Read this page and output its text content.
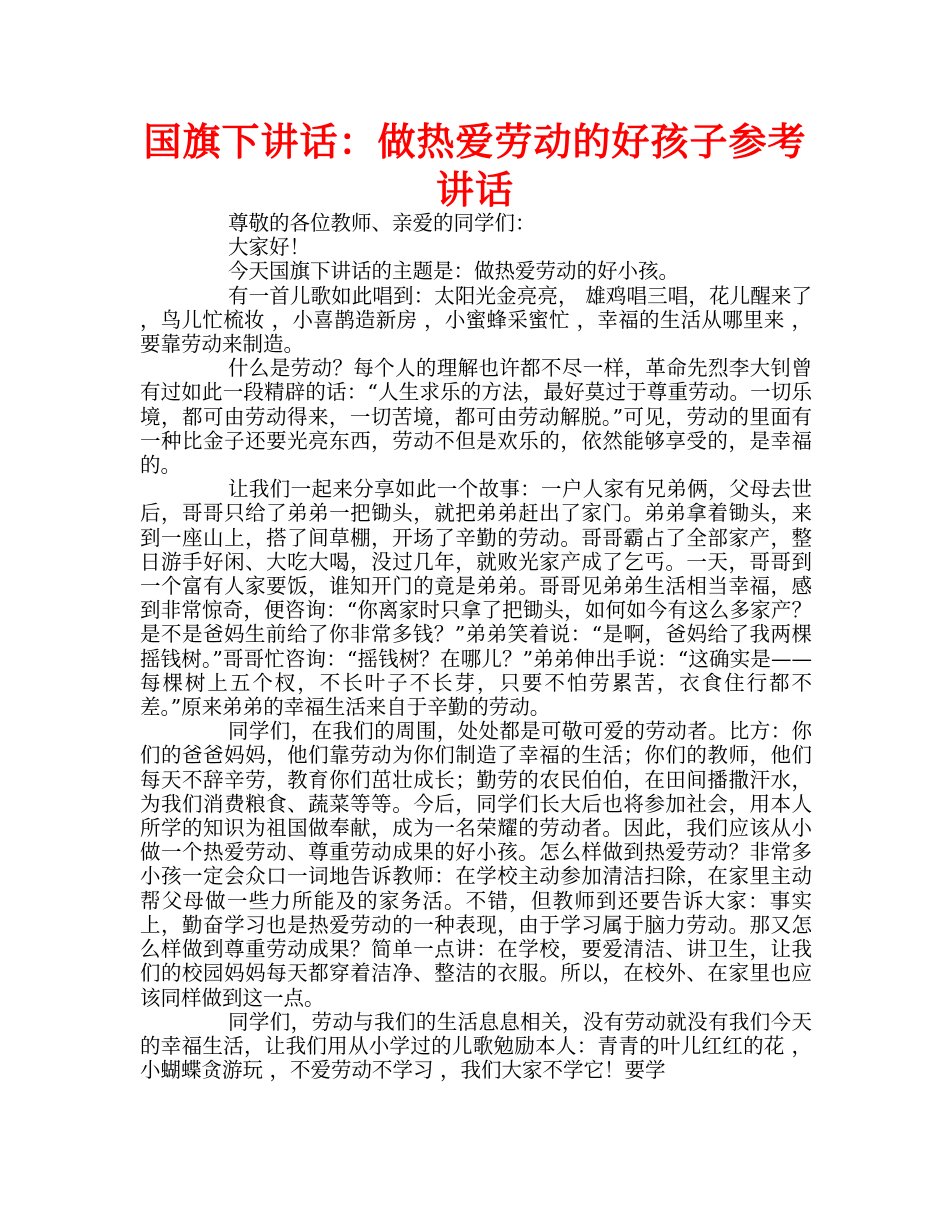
国旗下讲话：做热爱劳动的好孩子参考讲话

尊敬的各位教师、亲爱的同学们：

大家好！

今天国旗下讲话的主题是：做热爱劳动的好小孩。

有一首儿歌如此唱到：太阳光金亮亮， 雄鸡唱三唱，花儿醒来了 ，鸟儿忙梳妆 ，小喜鹊造新房 ，小蜜蜂采蜜忙 ，幸福的生活从哪里来 ，要靠劳动来制造。

什么是劳动？每个人的理解也许都不尽一样，革命先烈李大钊曾有过如此一段精辟的话：“人生求乐的方法，最好莫过于尊重劳动。一切乐境，都可由劳动得来，一切苦境，都可由劳动解脱。”可见，劳动的里面有一种比金子还要光亮东西，劳动不但是欢乐的，依然能够享受的，是幸福的。

让我们一起来分享如此一个故事：一户人家有兄弟俩，父母去世后，哥哥只给了弟弟一把锄头，就把弟弟赶出了家门。弟弟拿着锄头，来到一座山上，搭了间草棚，开场了辛勤的劳动。哥哥霸占了全部家产，整日游手好闲、大吃大喝，没过几年，就败光家产成了乞丐。一天，哥哥到一个富有人家要饭，谁知开门的竟是弟弟。哥哥见弟弟生活相当幸福，感到非常惊奇，便咨询：“你离家时只拿了把锄头，如何如今有这么多家产？是不是爸妈生前给了你非常多钱？”弟弟笑着说：“是啊，爸妈给了我两棵摇钱树。”哥哥忙咨询：“摇钱树？在哪儿？”弟弟伸出手说：“这确实是——每棵树上五个杈，不长叶子不长芽，只要不怕劳累苦，衣食住行都不差。”原来弟弟的幸福生活来自于辛勤的劳动。

同学们，在我们的周围，处处都是可敬可爱的劳动者。比方：你们的爸爸妈妈，他们靠劳动为你们制造了幸福的生活；你们的教师，他们每天不辞辛劳，教育你们茁壮成长；勤劳的农民伯伯，在田间播撒汗水，为我们消费粮食、蔬菜等等。今后，同学们长大后也将参加社会，用本人所学的知识为祖国做奉献，成为一名荣耀的劳动者。因此，我们应该从小做一个热爱劳动、尊重劳动成果的好小孩。怎么样做到热爱劳动？非常多小孩一定会众口一词地告诉教师：在学校主动参加清洁扫除，在家里主动帮父母做一些力所能及的家务活。不错，但教师到还要告诉大家：事实上，勤奋学习也是热爱劳动的一种表现，由于学习属于脑力劳动。那又怎么样做到尊重劳动成果？简单一点讲：在学校，要爱清洁、讲卫生，让我们的校园妈妈每天都穿着洁净、整洁的衣服。所以，在校外、在家里也应该同样做到这一点。

同学们，劳动与我们的生活息息相关，没有劳动就没有我们今天的幸福生活，让我们用从小学过的儿歌勉励本人：青青的叶儿红红的花 ，小蝴蝶贪游玩 ，不爱劳动不学习 ，我们大家不学它！要学
